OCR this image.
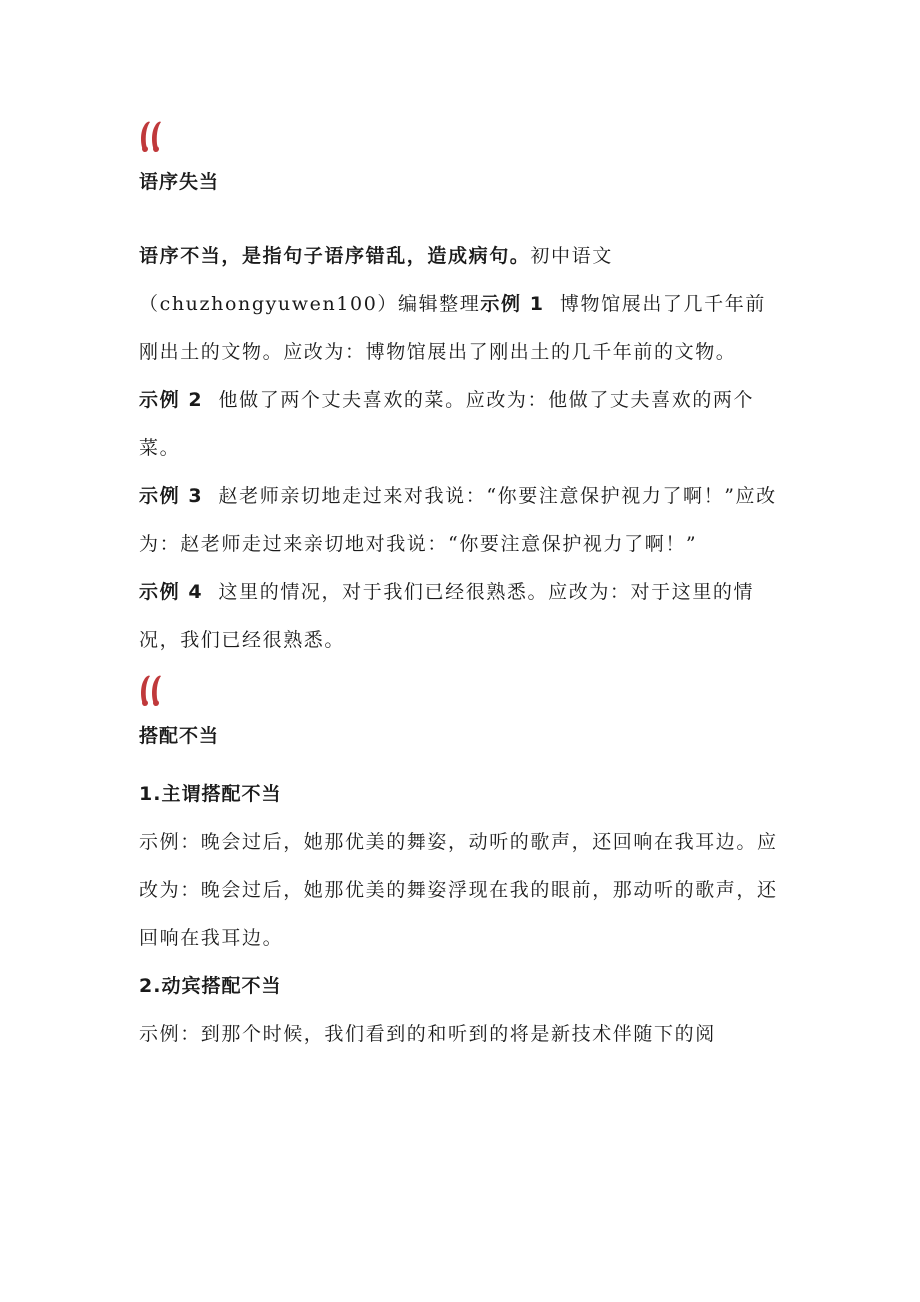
语序失当

语序不当，是指句子语序错乱，造成病句。初中语文（chuzhongyuwen100）编辑整理示例 1 博物馆展出了几千年前刚出土的文物。应改为：博物馆展出了刚出土的几千年前的文物。

示例 2 他做了两个丈夫喜欢的菜。应改为：他做了丈夫喜欢的两个菜。

示例 3 赵老师亲切地走过来对我说：“你要注意保护视力了啊！”应改为：赵老师走过来亲切地对我说：“你要注意保护视力了啊！”

示例 4 这里的情况，对于我们已经很熟悉。应改为：对于这里的情况，我们已经很熟悉。

搭配不当

1.主谓搭配不当

示例：晚会过后，她那优美的舞姿，动听的歌声，还回响在我耳边。应改为：晚会过后，她那优美的舞姿浮现在我的眼前，那动听的歌声，还回响在我耳边。

2.动宾搭配不当

示例：到那个时候，我们看到的和听到的将是新技术伴随下的阅
